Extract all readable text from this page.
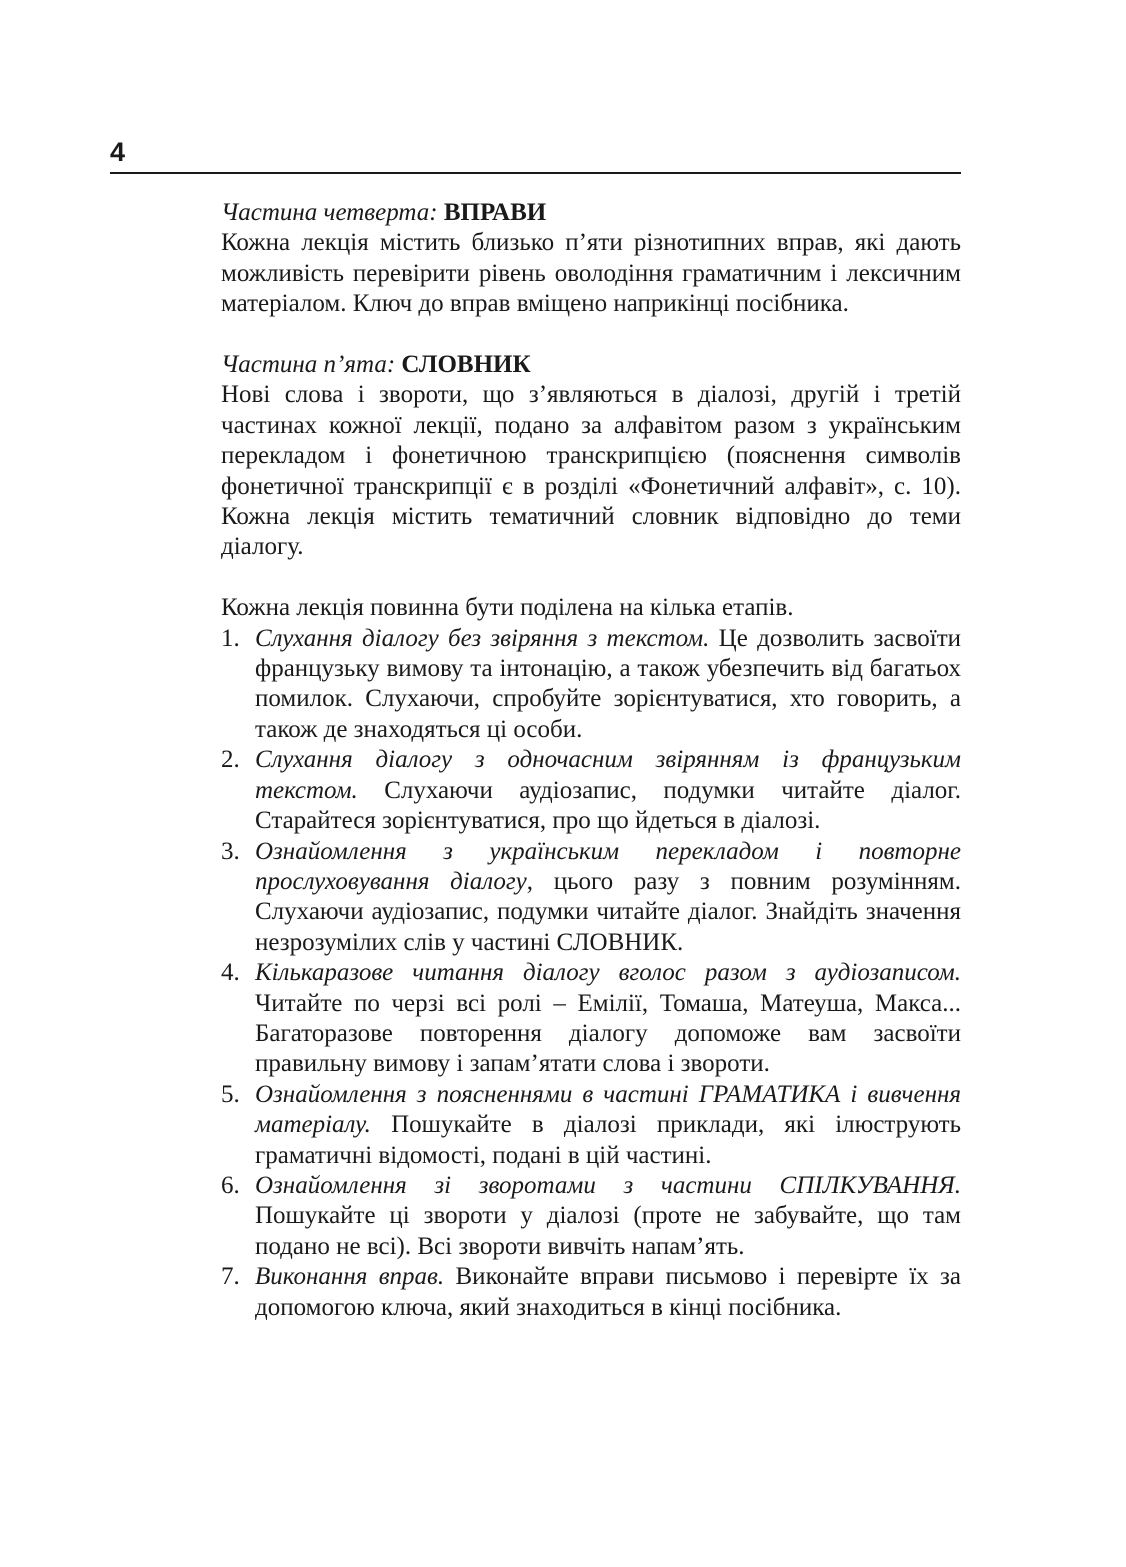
4

Частина четверта: ВПРАВИ

Кожна лекція містить близько п’яти різнотипних вправ, які дають можливість перевірити рівень оволодіння граматичним і лексичним матеріалом. Ключ до вправ вміщено наприкінці посібника.

Частина п’ята: СЛОВНИК

Нові слова і звороти, що з’являються в діалозі, другій і третій частинах кожної лекції, подано за алфавітом разом з українським перекладом і фонетичною транскрипцією (пояснення символів фонетичної транскрипції є в розділі «Фонетичний алфавіт», с. 10). Кожна лекція містить тематичний словник відповідно до теми діалогу.

Кожна лекція повинна бути поділена на кілька етапів.

1. Слухання діалогу без звіряння з текстом. Це дозволить засвоїти французьку вимову та інтонацію, а також убезпечить від багатьох помилок. Слухаючи, спробуйте зорієнтуватися, хто говорить, а також де знаходяться ці особи.
2. Слухання діалогу з одночасним звірянням із французьким текстом. Слухаючи аудіозапис, подумки читайте діалог. Старайтеся зорієнтуватися, про що йдеться в діалозі.
3. Ознайомлення з українським перекладом і повторне прослуховування діалогу, цього разу з повним розумінням. Слухаючи аудіозапис, подумки читайте діалог. Знайдіть значення незрозумілих слів у частині СЛОВНИК.
4. Кількаразове читання діалогу вголос разом з аудіозаписом. Читайте по черзі всі ролі – Емілії, Томаша, Матеуша, Макса... Багаторазове повторення діалогу допоможе вам засвоїти правильну вимову і запам’ятати слова і звороти.
5. Ознайомлення з поясненнями в частині ГРАМАТИКА і вивчення матеріалу. Пошукайте в діалозі приклади, які ілюструють граматичні відомості, подані в цій частині.
6. Ознайомлення зі зворотами з частини СПІЛКУВАННЯ. Пошукайте ці звороти у діалозі (проте не забувайте, що там подано не всі). Всі звороти вивчіть напам’ять.
7. Виконання вправ. Виконайте вправи письмово і перевірте їх за допомогою ключа, який знаходиться в кінці посібника.
